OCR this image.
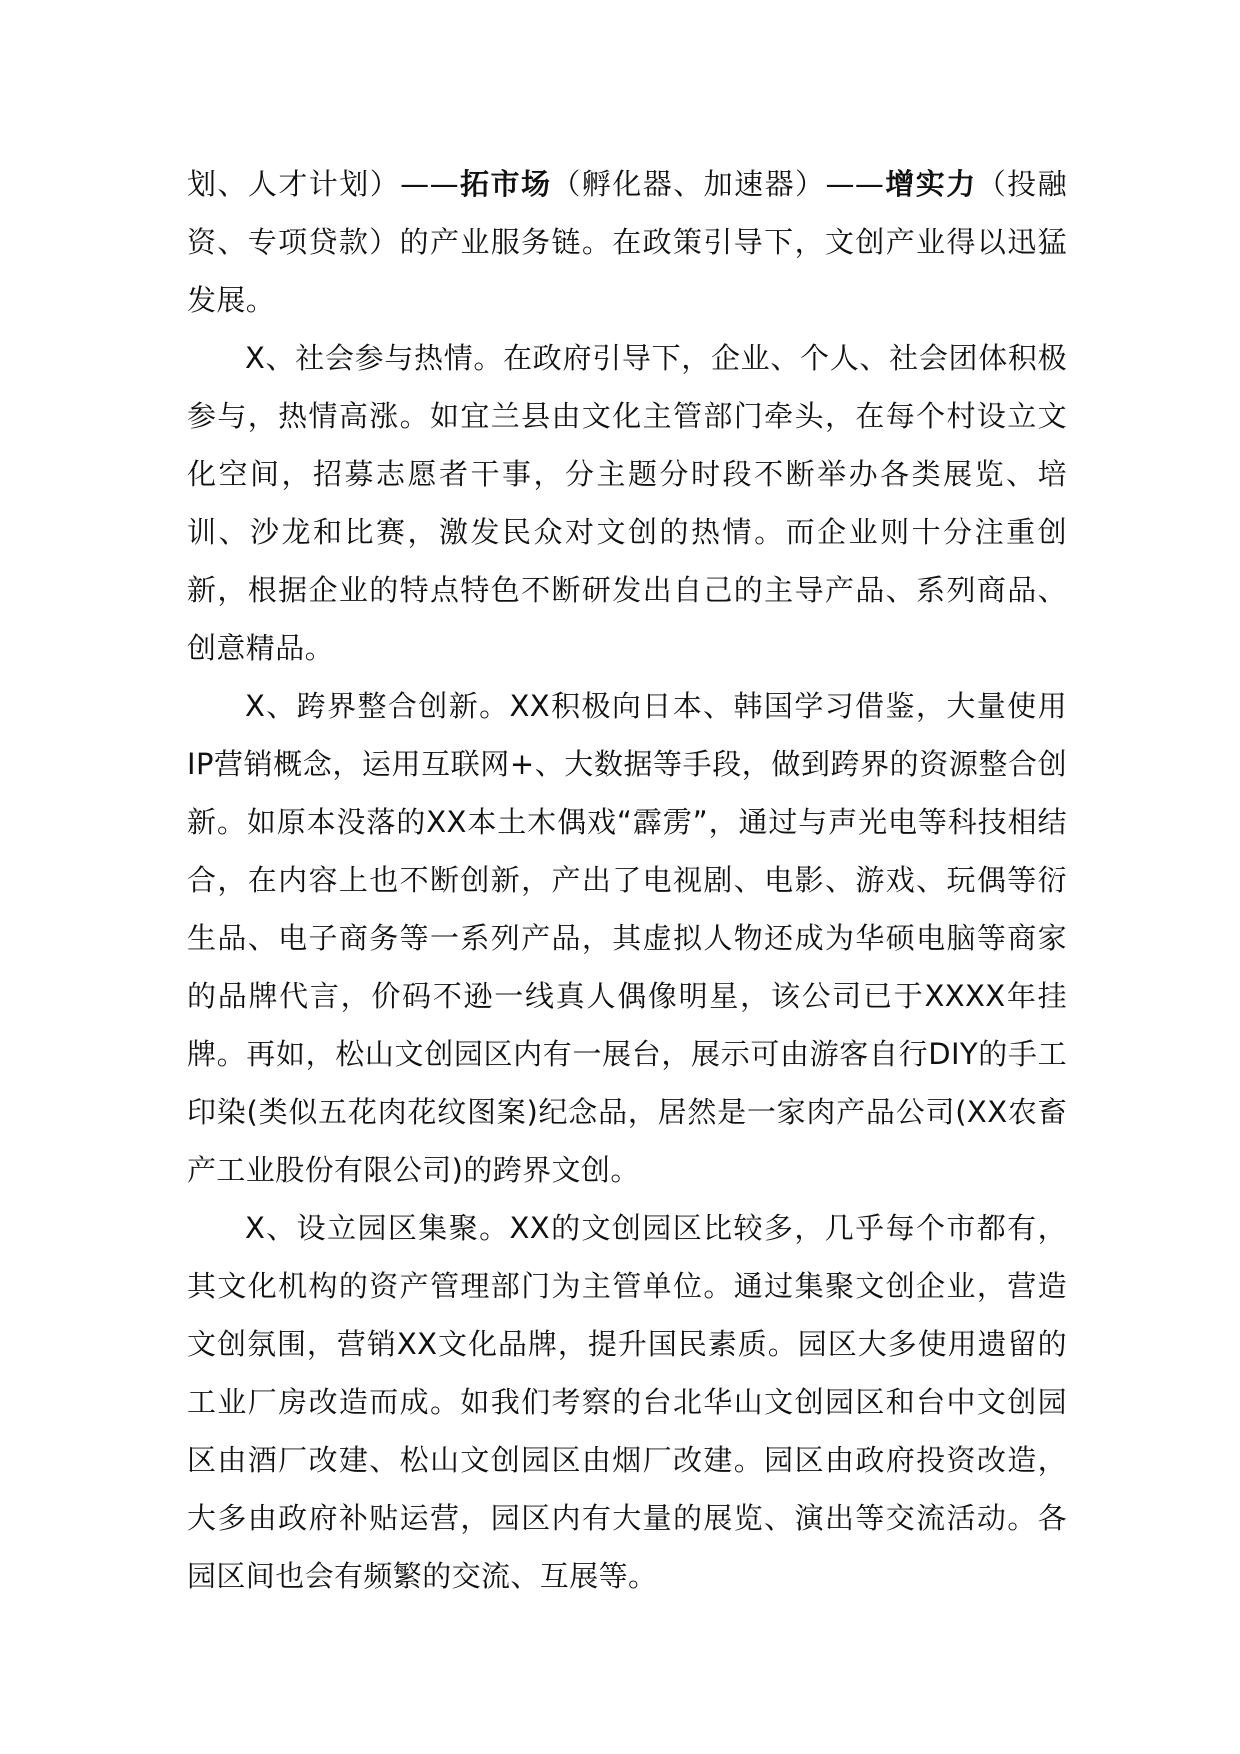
划、人才计划）——拓市场（孵化器、加速器）——增实力（投融资、专项贷款）的产业服务链。在政策引导下，文创产业得以迅猛发展。

X、社会参与热情。在政府引导下，企业、个人、社会团体积极参与，热情高涨。如宜兰县由文化主管部门牵头，在每个村设立文化空间，招募志愿者干事，分主题分时段不断举办各类展览、培训、沙龙和比赛，激发民众对文创的热情。而企业则十分注重创新，根据企业的特点特色不断研发出自己的主导产品、系列商品、创意精品。

X、跨界整合创新。XX积极向日本、韩国学习借鉴，大量使用IP营销概念，运用互联网+、大数据等手段，做到跨界的资源整合创新。如原本没落的XX本土木偶戏“霹雳”，通过与声光电等科技相结合，在内容上也不断创新，产出了电视剧、电影、游戏、玩偶等衍生品、电子商务等一系列产品，其虚拟人物还成为华硕电脑等商家的品牌代言，价码不逊一线真人偶像明星，该公司已于XXXX年挂牌。再如，松山文创园区内有一展台，展示可由游客自行DIY的手工印染(类似五花肉花纹图案)纪念品，居然是一家肉产品公司(XX农畜产工业股份有限公司)的跨界文创。

X、设立园区集聚。XX的文创园区比较多，几乎每个市都有，其文化机构的资产管理部门为主管单位。通过集聚文创企业，营造文创氛围，营销XX文化品牌，提升国民素质。园区大多使用遗留的工业厂房改造而成。如我们考察的台北华山文创园区和台中文创园区由酒厂改建、松山文创园区由烟厂改建。园区由政府投资改造，大多由政府补贴运营，园区内有大量的展览、演出等交流活动。各园区间也会有频繁的交流、互展等。
